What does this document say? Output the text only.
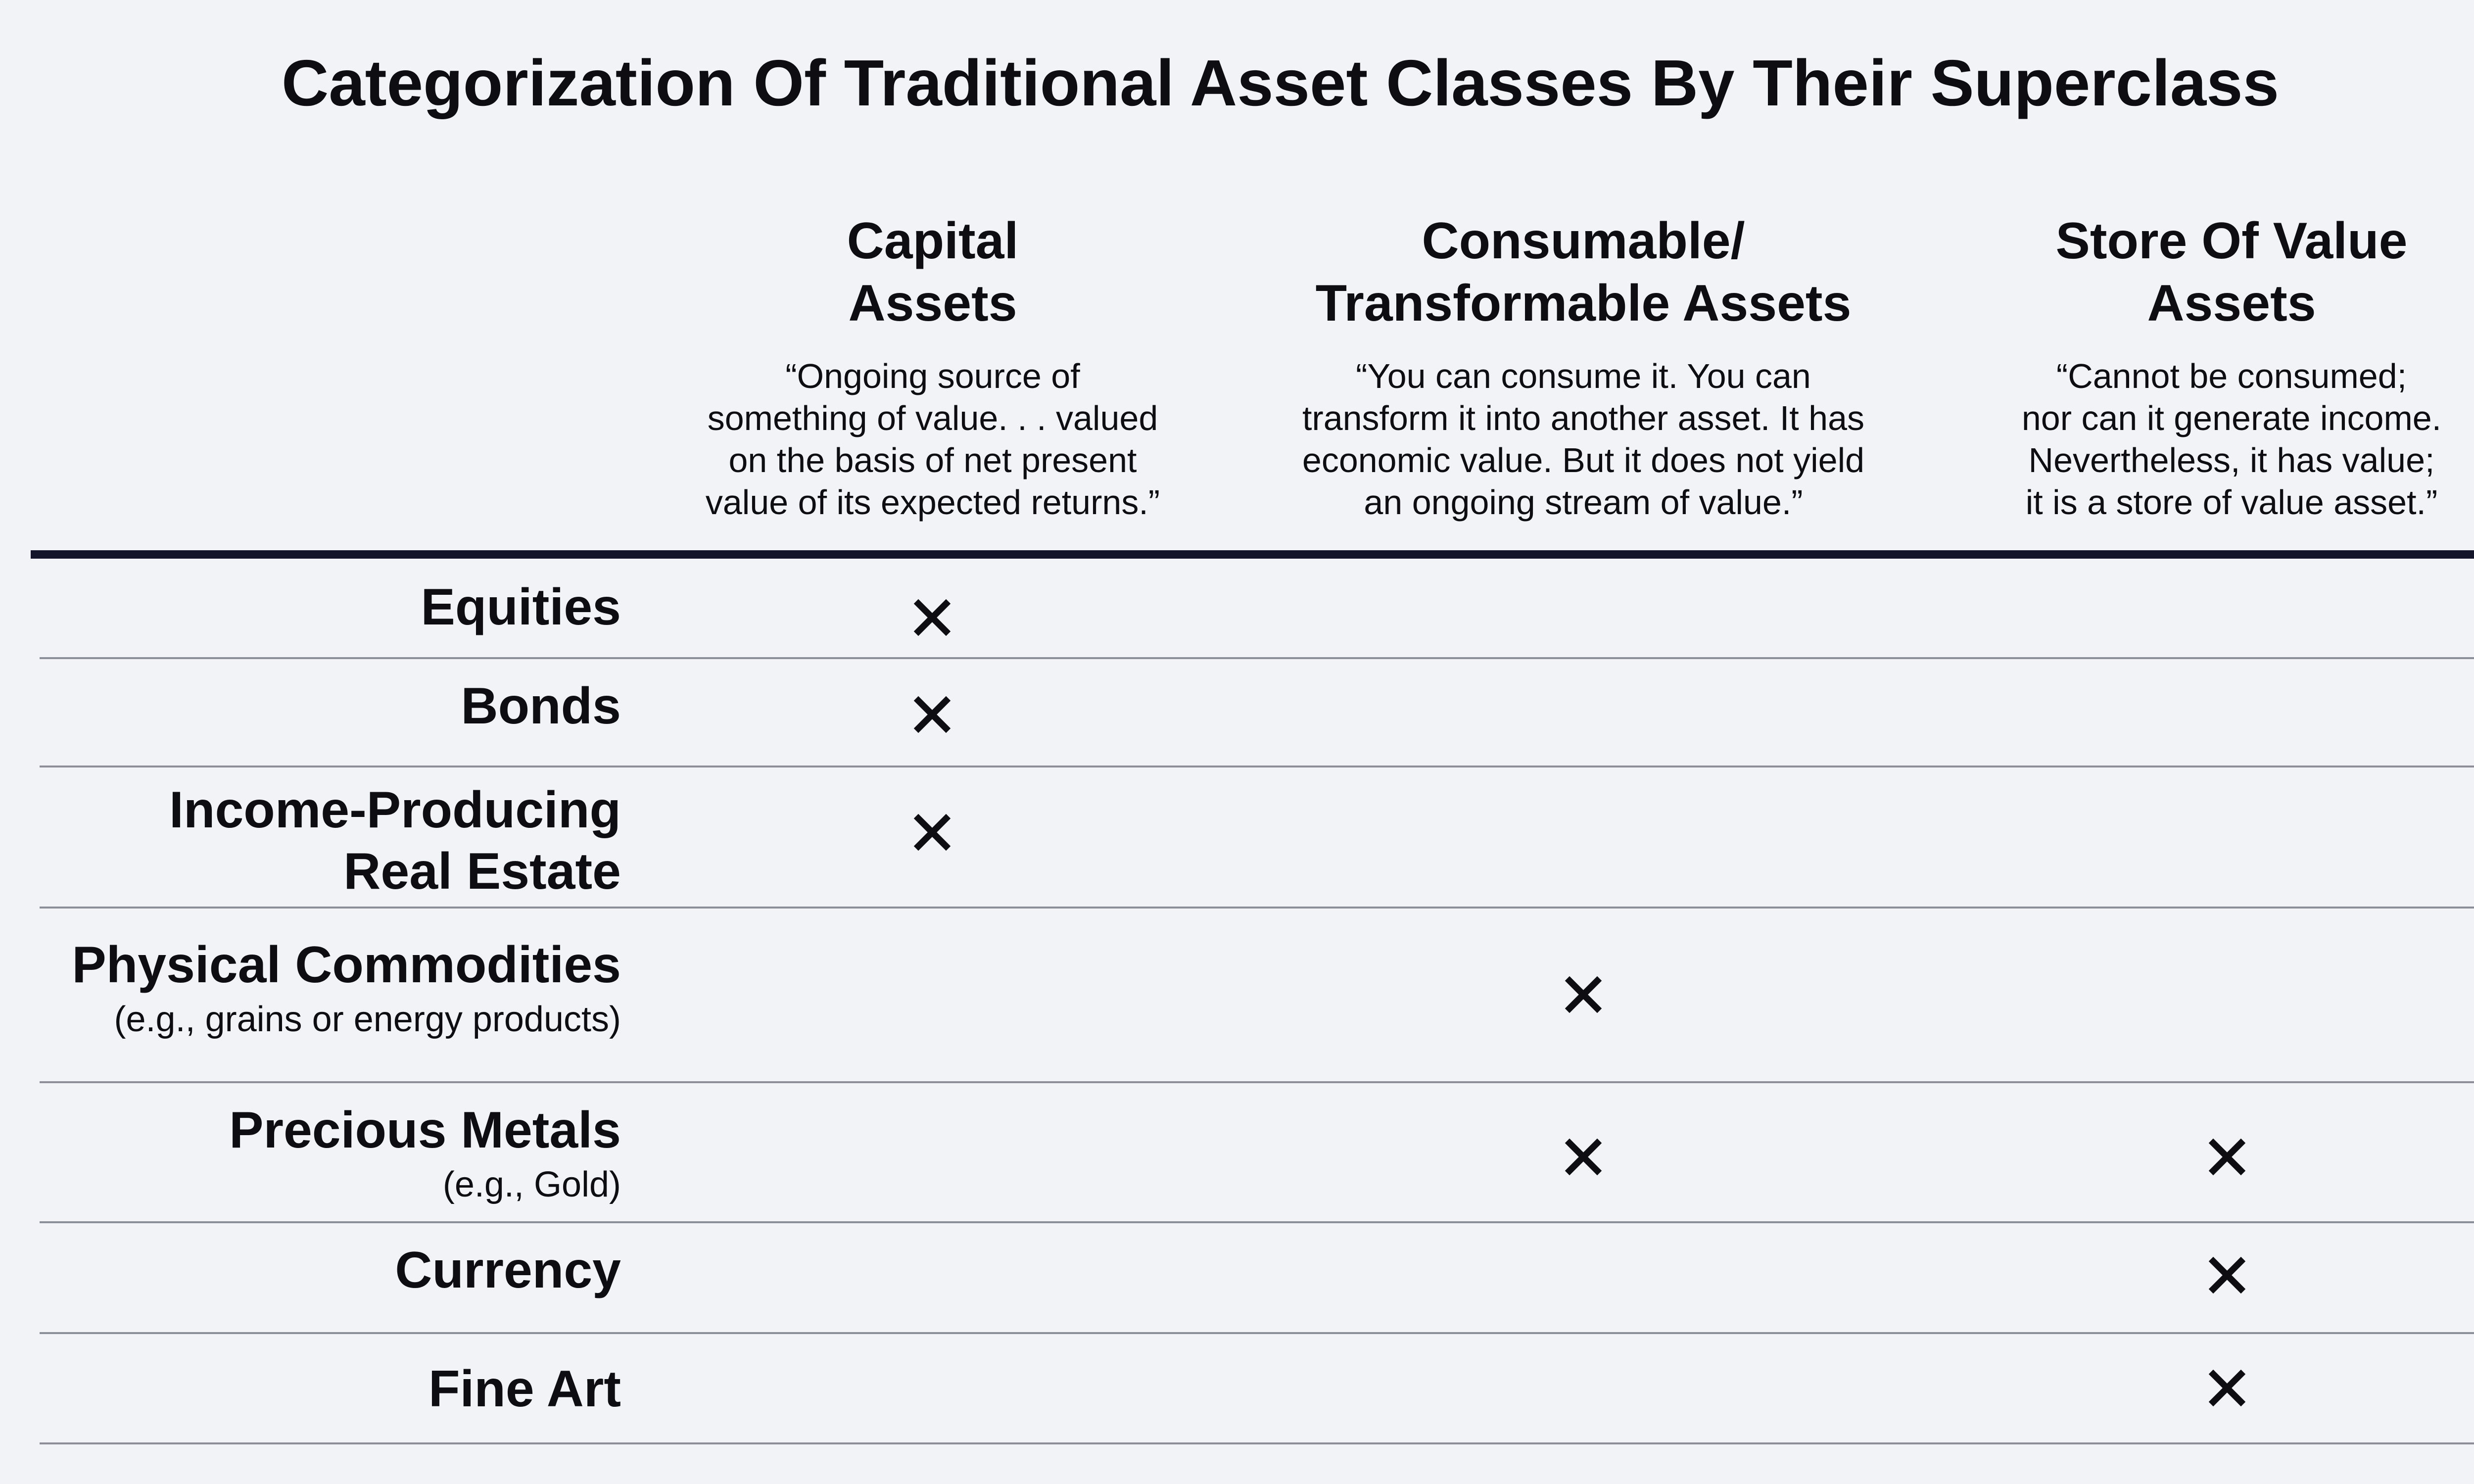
Categorization Of Traditional Asset Classes By Their Superclass
Capital
Assets
“Ongoing source of
something of value. . . valued
on the basis of net present
value of its expected returns.”
Consumable/
Transformable Assets
“You can consume it. You can
transform it into another asset. It has
economic value. But it does not yield
an ongoing stream of value.”
Store Of Value
Assets
“Cannot be consumed;
nor can it generate income.
Nevertheless, it has value;
it is a store of value asset.”
Equities
Bonds
Income-Producing
Real Estate
Physical Commodities
(e.g., grains or energy products)
Precious Metals
(e.g., Gold)
Currency
Fine Art
